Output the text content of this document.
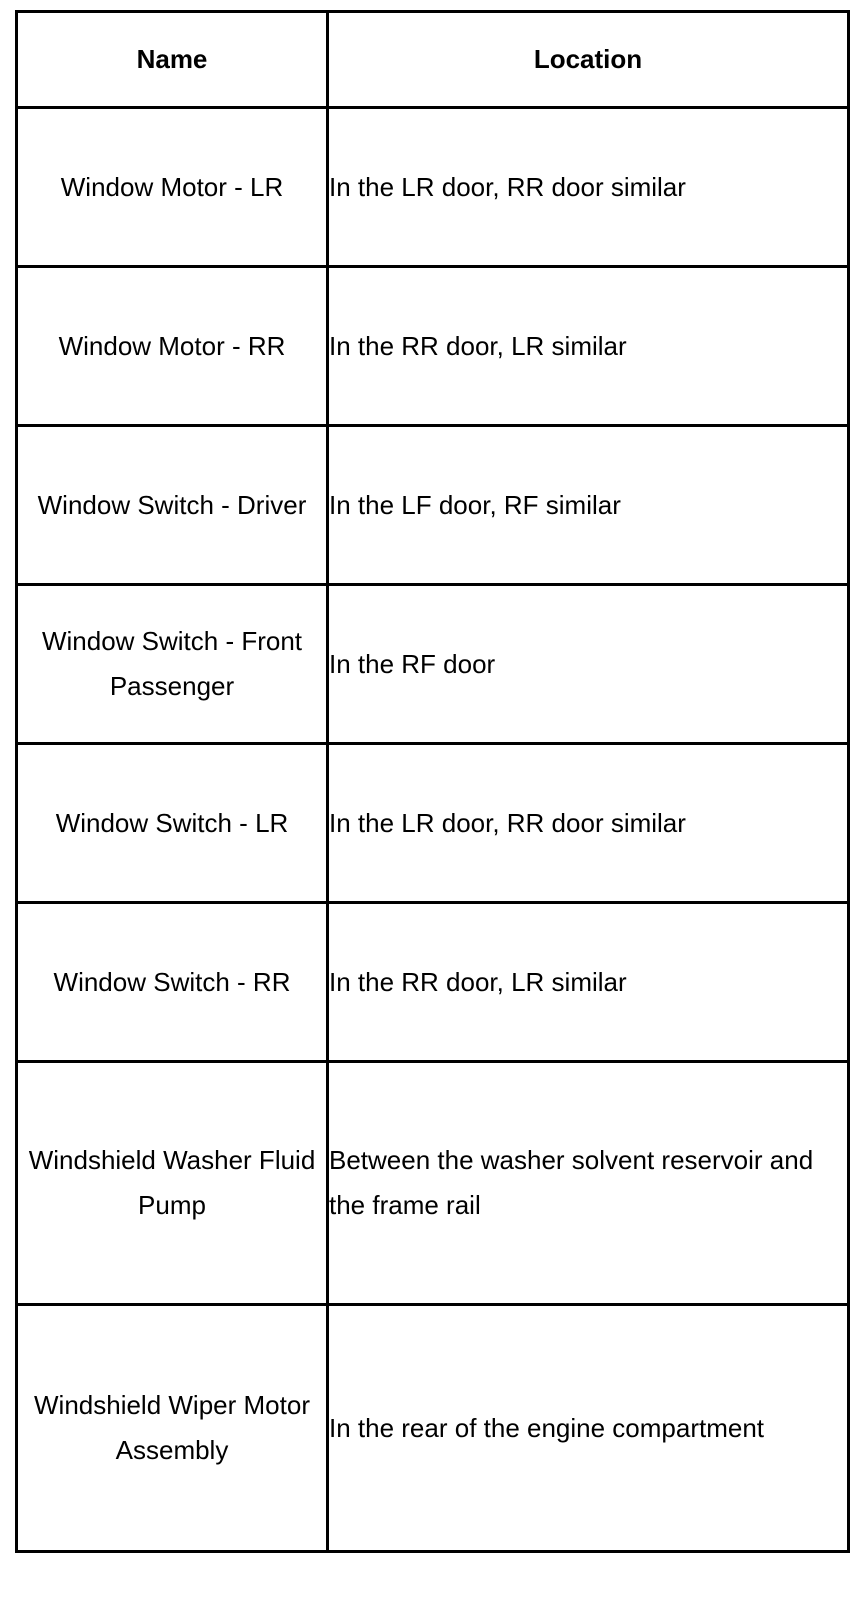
Name	Location
Window Motor - LR	In the LR door, RR door similar
Window Motor - RR	In the RR door, LR similar
Window Switch - Driver	In the LF door, RF similar
Window Switch - Front Passenger	In the RF door
Window Switch - LR	In the LR door, RR door similar
Window Switch - RR	In the RR door, LR similar
Windshield Washer Fluid Pump	Between the washer solvent reservoir and the frame rail
Windshield Wiper Motor Assembly	In the rear of the engine compartment
